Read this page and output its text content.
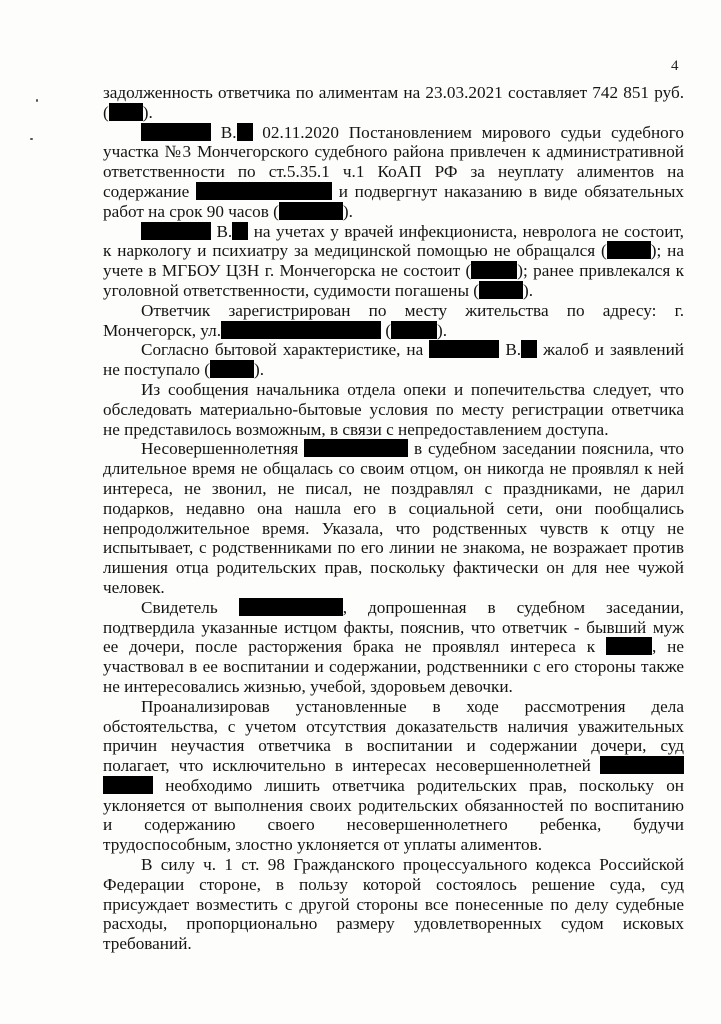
4
задолженность ответчика по алиментам на 23.03.2021 составляет 742 851 руб.
( ).
В. 02.11.2020 Постановлением мирового судьи судебного
участка №3 Мончегорского судебного района привлечен к административной
ответственности по ст.5.35.1 ч.1 КоАП РФ за неуплату алиментов на
содержание	и подвергнут наказанию в виде обязательных
работ на срок 90 часов (	).
В. на учетах у врачей инфекциониста, невролога не состоит,
к наркологу и психиатру за медицинской помощью не обращался (	); на
учете в МГБОУ ЦЗН г. Мончегорска не состоит (	); ранее привлекался к
уголовной ответственности, судимости погашены (	).
Ответчик зарегистрирован по месту жительства по адресу: г.
Мончегорск, ул.	(	).
Согласно бытовой характеристике, на	В. жалоб и заявлений
не поступало (	).
Из сообщения начальника отдела опеки и попечительства следует, что
обследовать материально-бытовые условия по месту регистрации ответчика
не представилось возможным, в связи с непредоставлением доступа.
Несовершеннолетняя	в судебном заседании пояснила, что
длительное время не общалась со своим отцом, он никогда не проявлял к ней
интереса, не звонил, не писал, не поздравлял с праздниками, не дарил
подарков, недавно она нашла его в социальной сети, они пообщались
непродолжительное время. Указала, что родственных чувств к отцу не
испытывает, с родственниками по его линии не знакома, не возражает против
лишения отца родительских прав, поскольку фактически он для нее чужой
человек.
Свидетель	, допрошенная в судебном заседании,
подтвердила указанные истцом факты, пояснив, что ответчик - бывший муж
ее дочери, после расторжения брака не проявлял интереса к	, не
участвовал в ее воспитании и содержании, родственники с его стороны также
не интересовались жизнью, учебой, здоровьем девочки.
Проанализировав установленные в ходе рассмотрения дела
обстоятельства, с учетом отсутствия доказательств наличия уважительных
причин неучастия ответчика в воспитании и содержании дочери, суд
полагает, что исключительно в интересах несовершеннолетней
необходимо лишить ответчика родительских прав, поскольку он
уклоняется от выполнения своих родительских обязанностей по воспитанию
и содержанию своего несовершеннолетнего ребенка, будучи
трудоспособным, злостно уклоняется от уплаты алиментов.
В силу ч. 1 ст. 98 Гражданского процессуального кодекса Российской
Федерации стороне, в пользу которой состоялось решение суда, суд
присуждает возместить с другой стороны все понесенные по делу судебные
расходы, пропорционально размеру удовлетворенных судом исковых
требований.
